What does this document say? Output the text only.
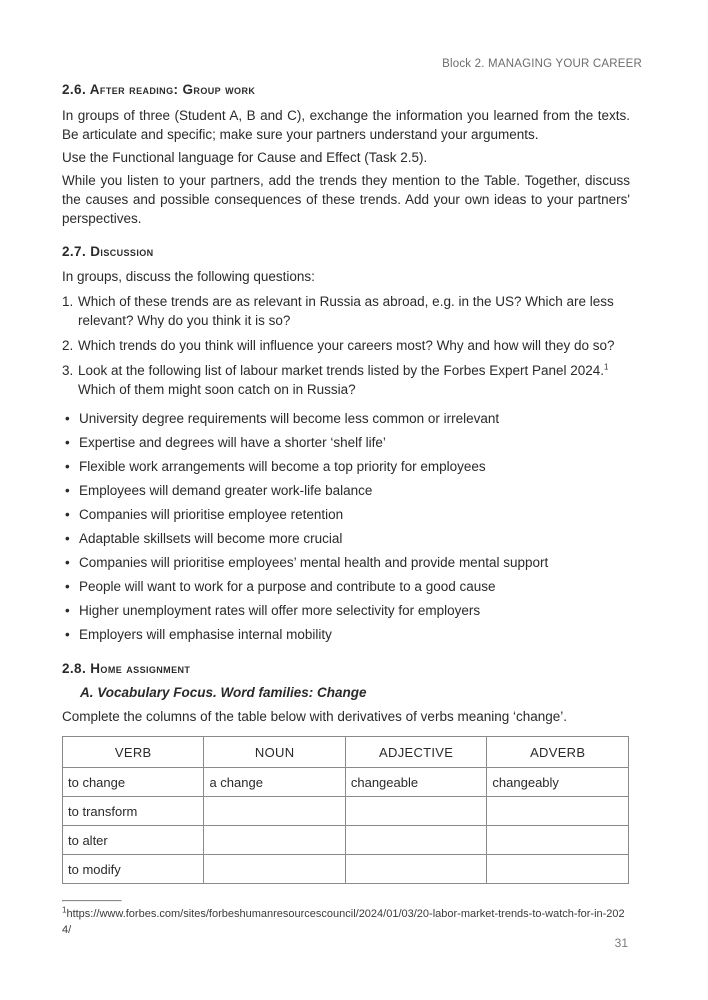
Block 2. MANAGING YOUR CAREER
2.6. After reading: Group work

In groups of three (Student A, B and C), exchange the information you learned from the texts. Be articulate and specific; make sure your partners understand your arguments.

Use the Functional language for Cause and Effect (Task 2.5).

While you listen to your partners, add the trends they mention to the Table. Together, discuss the causes and possible consequences of these trends. Add your own ideas to your partners' perspectives.

2.7. Discussion

In groups, discuss the following questions:

1. Which of these trends are as relevant in Russia as abroad, e.g. in the US? Which are less relevant? Why do you think it is so?
2. Which trends do you think will influence your careers most? Why and how will they do so?
3. Look at the following list of labour market trends listed by the Forbes Expert Panel 2024.$^1$
Which of them might soon catch on in Russia?
• University degree requirements will become less common or irrelevant
• Expertise and degrees will have a shorter ‘shelf life’
• Flexible work arrangements will become a top priority for employees
• Employees will demand greater work-life balance
• Companies will prioritise employee retention
• Adaptable skillsets will become more crucial
• Companies will prioritise employees’ mental health and provide mental support
• People will want to work for a purpose and contribute to a good cause
• Higher unemployment rates will offer more selectivity for employers
• Employers will emphasise internal mobility
2.8. Home assignment
A. Vocabulary Focus. Word families: Change

Complete the columns of the table below with derivatives of verbs meaning ‘change’.

VERB	NOUN	ADJECTIVE	ADVERB
to change	a change	changeable	changeably
to transform			
to alter			
to modify			
$^1$https://www.forbes.com/sites/forbeshumanresourcescouncil/2024/01/03/20-labor-market-trends-to-watch-for-in-2024/
31
